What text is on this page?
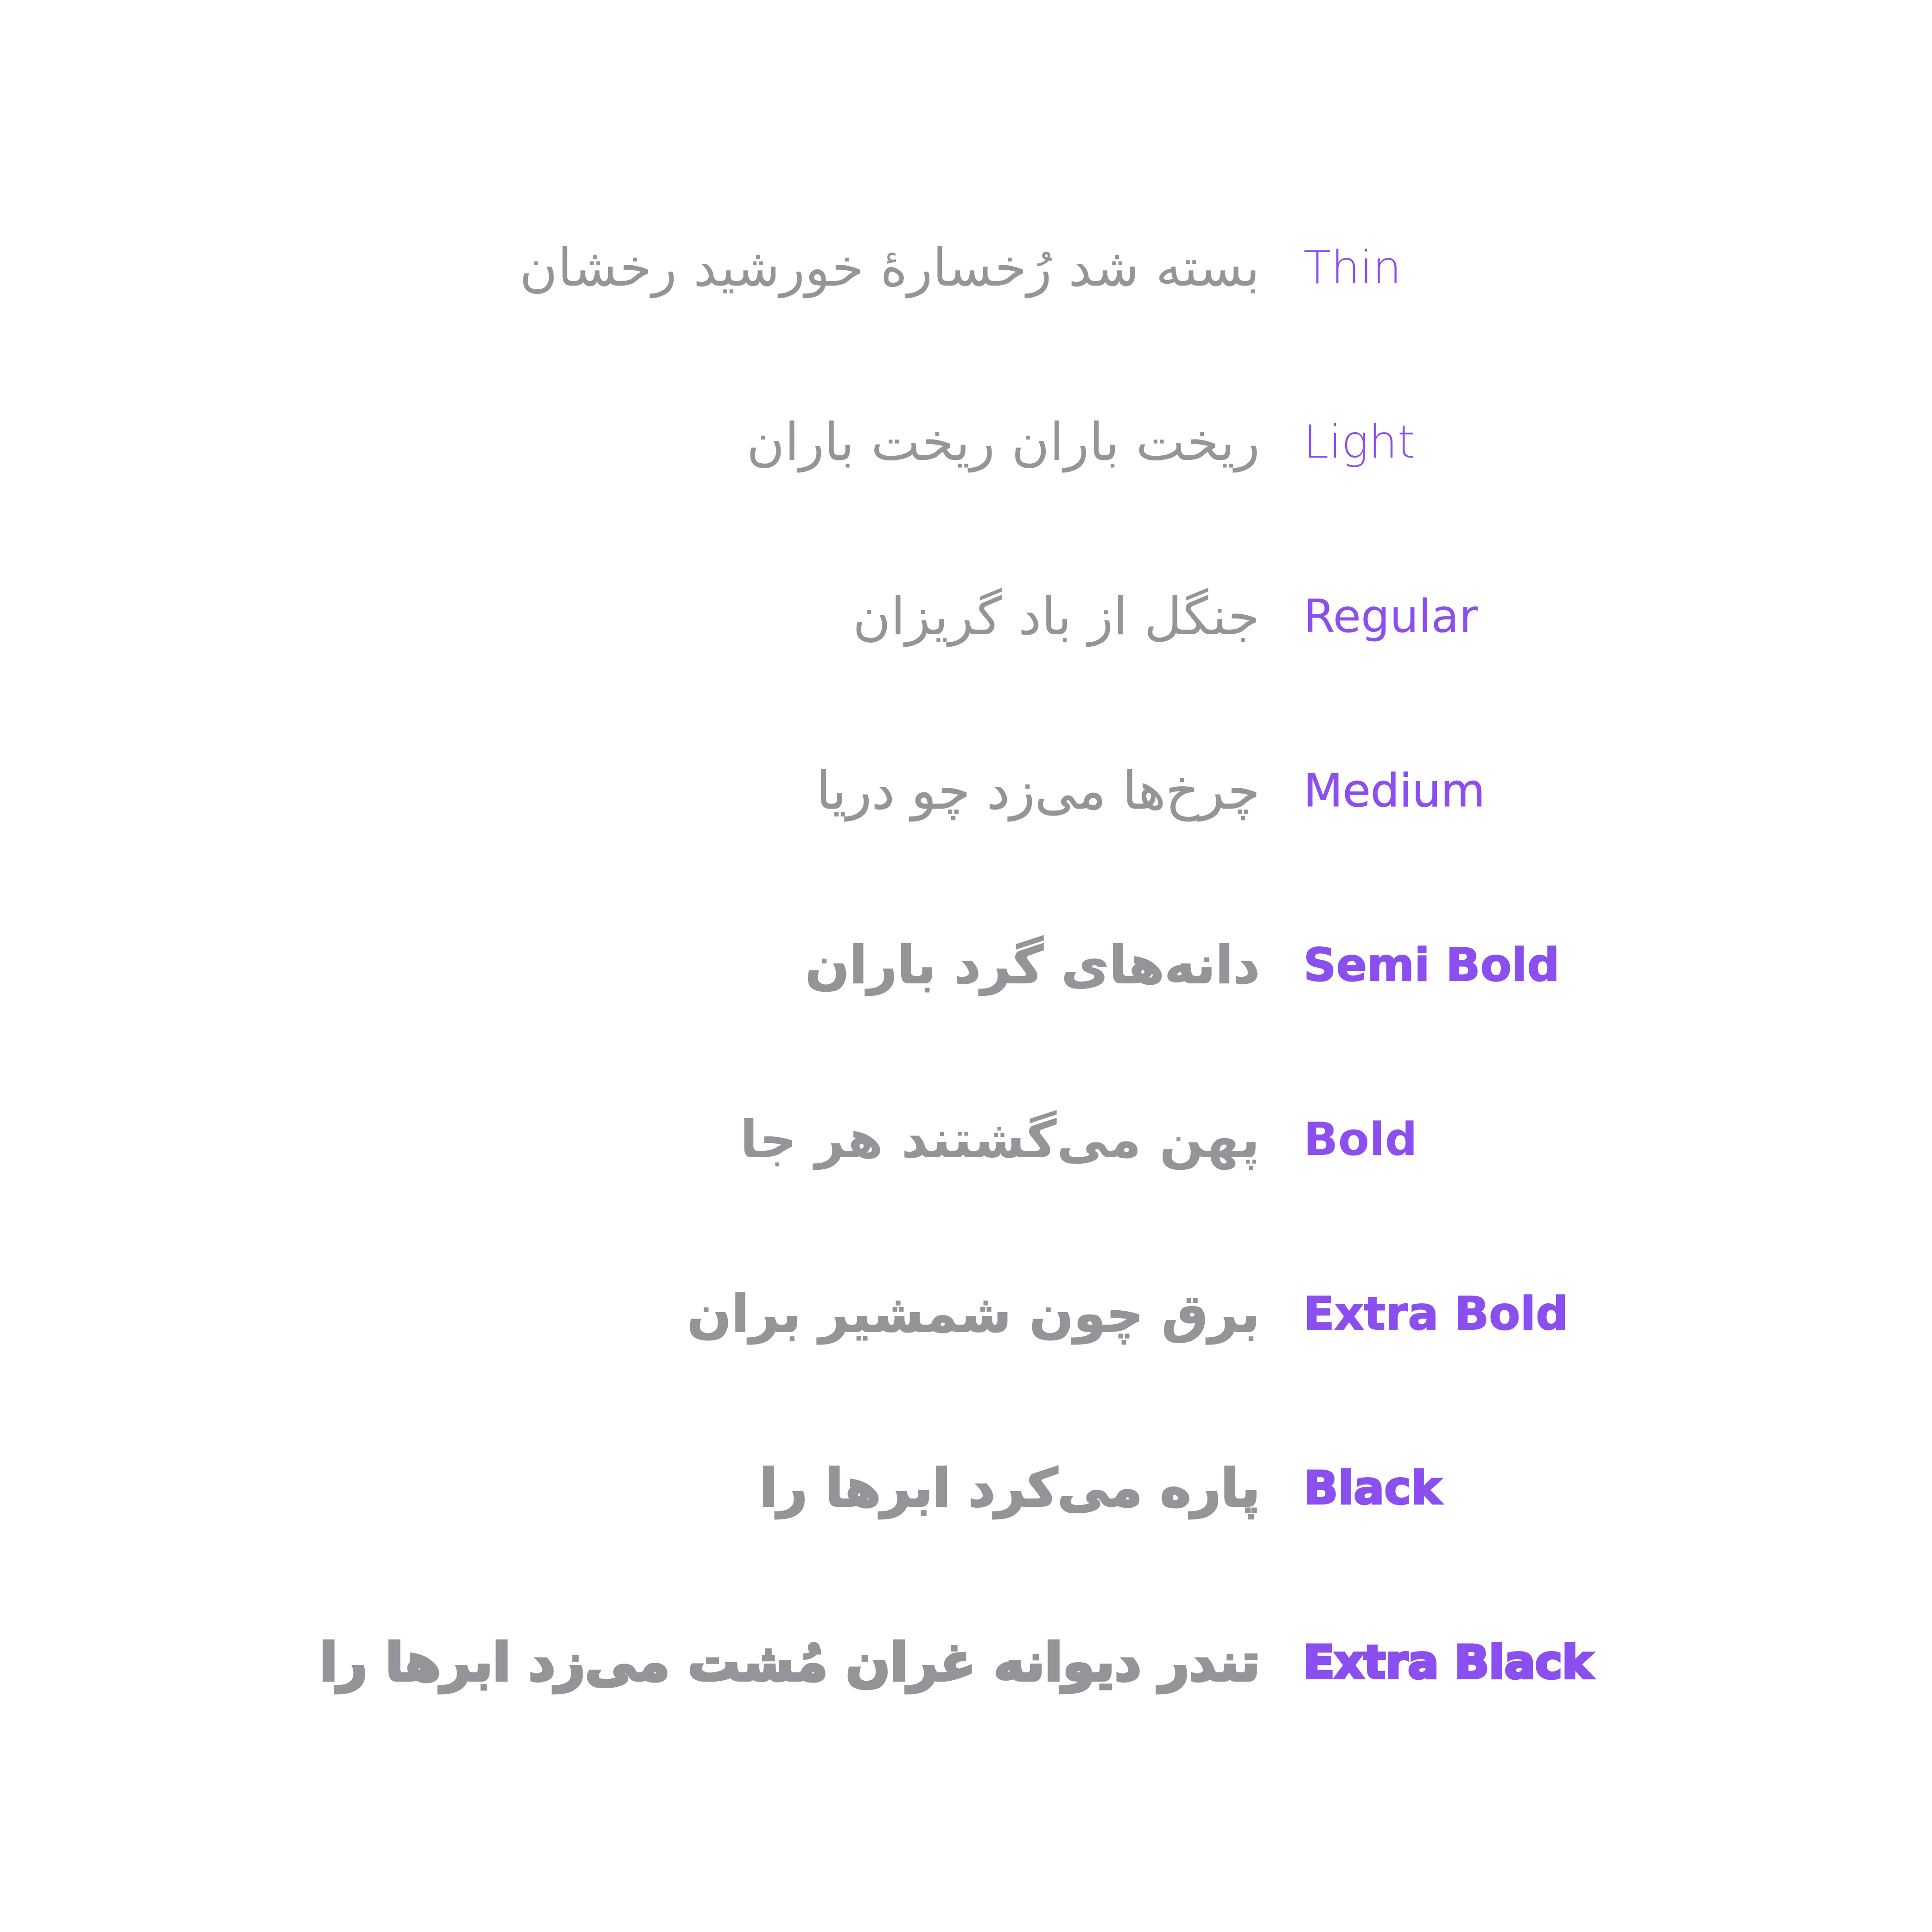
بسته شد رُخسارۀ خورشید رخشان Thin
ریخت باران ریخت باران Light
جنگل از باد گریزان Regular
چرخ‌ها می‌زد چو دریا Medium
دانه‌های گرد باران Semi Bold
پهن می‌گشتند هر جا Bold
برق چون شمشیر بران Extra Bold
پاره می‌کرد ابرها را Black
تندر دیوانه غران مُشت می‌زد ابرها را Extra Black
